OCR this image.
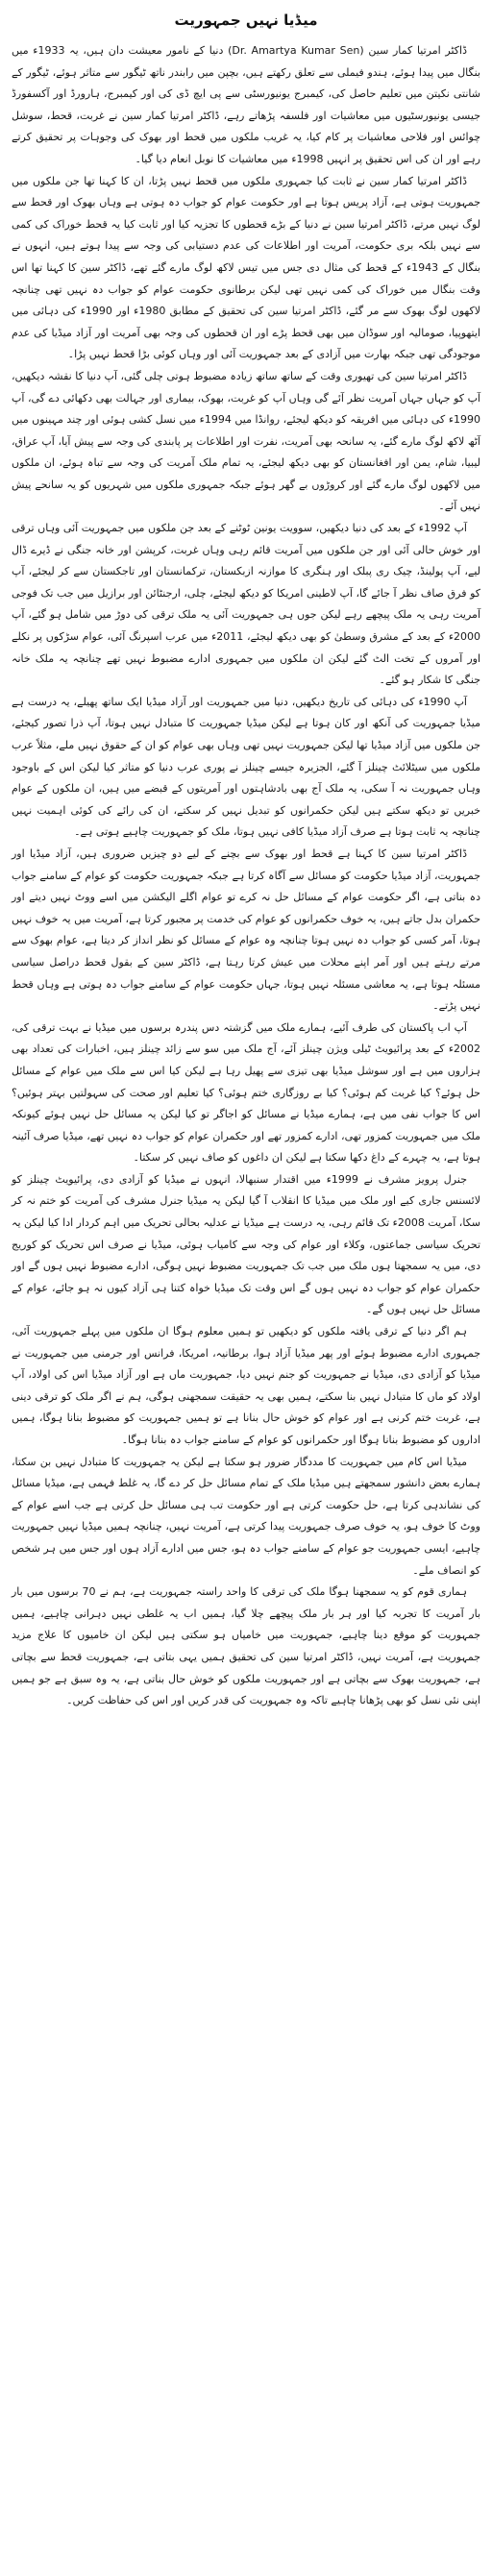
میڈیا نہیں جمہوریت
ڈاکٹر امرتیا کمار سین (Dr. Amartya Kumar Sen) دنیا کے نامور معیشت دان ہیں، یہ 1933ء میں بنگال میں پیدا ہوئے، ہندو فیملی سے تعلق رکھتے ہیں، بچپن میں رابندر ناتھ ٹیگور سے متاثر ہوئے، ٹیگور کے شانتی نکیتن میں تعلیم حاصل کی، کیمبرج یونیورسٹی سے پی ایچ ڈی کی اور کیمبرج، ہارورڈ اور آکسفورڈ جیسی یونیورسٹیوں میں معاشیات اور فلسفہ پڑھاتے رہے، ڈاکٹر امرتیا کمار سین نے غربت، قحط، سوشل چوائس اور فلاحی معاشیات پر کام کیا، یہ غریب ملکوں میں قحط اور بھوک کی وجوہات پر تحقیق کرتے رہے اور ان کی اس تحقیق پر انہیں 1998ء میں معاشیات کا نوبل انعام دیا گیا۔
ڈاکٹر امرتیا کمار سین نے ثابت کیا جمہوری ملکوں میں قحط نہیں پڑتا، ان کا کہنا تھا جن ملکوں میں جمہوریت ہوتی ہے، آزاد پریس ہوتا ہے اور حکومت عوام کو جواب دہ ہوتی ہے وہاں بھوک اور قحط سے لوگ نہیں مرتے، ڈاکٹر امرتیا سین نے دنیا کے بڑے قحطوں کا تجزیہ کیا اور ثابت کیا یہ قحط خوراک کی کمی سے نہیں بلکہ بری حکومت، آمریت اور اطلاعات کی عدم دستیابی کی وجہ سے پیدا ہوتے ہیں، انہوں نے بنگال کے 1943ء کے قحط کی مثال دی جس میں تیس لاکھ لوگ مارے گئے تھے، ڈاکٹر سین کا کہنا تھا اس وقت بنگال میں خوراک کی کمی نہیں تھی لیکن برطانوی حکومت عوام کو جواب دہ نہیں تھی چنانچہ لاکھوں لوگ بھوک سے مر گئے، ڈاکٹر امرتیا سین کی تحقیق کے مطابق 1980ء اور 1990ء کی دہائی میں ایتھوپیا، صومالیہ اور سوڈان میں بھی قحط پڑے اور ان قحطوں کی وجہ بھی آمریت اور آزاد میڈیا کی عدم موجودگی تھی جبکہ بھارت میں آزادی کے بعد جمہوریت آئی اور وہاں کوئی بڑا قحط نہیں پڑا۔
ڈاکٹر امرتیا سین کی تھیوری وقت کے ساتھ ساتھ زیادہ مضبوط ہوتی چلی گئی، آپ دنیا کا نقشہ دیکھیں، آپ کو جہاں جہاں آمریت نظر آئے گی وہاں آپ کو غربت، بھوک، بیماری اور جہالت بھی دکھائی دے گی، آپ 1990ء کی دہائی میں افریقہ کو دیکھ لیجئے، روانڈا میں 1994ء میں نسل کشی ہوئی اور چند مہینوں میں آٹھ لاکھ لوگ مارے گئے، یہ سانحہ بھی آمریت، نفرت اور اطلاعات پر پابندی کی وجہ سے پیش آیا، آپ عراق، لیبیا، شام، یمن اور افغانستان کو بھی دیکھ لیجئے، یہ تمام ملک آمریت کی وجہ سے تباہ ہوئے، ان ملکوں میں لاکھوں لوگ مارے گئے اور کروڑوں بے گھر ہوئے جبکہ جمہوری ملکوں میں شہریوں کو یہ سانحے پیش نہیں آئے۔
آپ 1992ء کے بعد کی دنیا دیکھیں، سوویت یونین ٹوٹنے کے بعد جن ملکوں میں جمہوریت آئی وہاں ترقی اور خوش حالی آئی اور جن ملکوں میں آمریت قائم رہی وہاں غربت، کرپشن اور خانہ جنگی نے ڈیرے ڈال لیے، آپ پولینڈ، چیک ری پبلک اور ہنگری کا موازنہ ازبکستان، ترکمانستان اور تاجکستان سے کر لیجئے، آپ کو فرق صاف نظر آ جائے گا، آپ لاطینی امریکا کو دیکھ لیجئے، چلی، ارجنٹائن اور برازیل میں جب تک فوجی آمریت رہی یہ ملک پیچھے رہے لیکن جوں ہی جمہوریت آئی یہ ملک ترقی کی دوڑ میں شامل ہو گئے، آپ 2000ء کے بعد کے مشرق وسطیٰ کو بھی دیکھ لیجئے، 2011ء میں عرب اسپرنگ آئی، عوام سڑکوں پر نکلے اور آمروں کے تخت الٹ گئے لیکن ان ملکوں میں جمہوری ادارے مضبوط نہیں تھے چنانچہ یہ ملک خانہ جنگی کا شکار ہو گئے۔
آپ 1990ء کی دہائی کی تاریخ دیکھیں، دنیا میں جمہوریت اور آزاد میڈیا ایک ساتھ پھیلے، یہ درست ہے میڈیا جمہوریت کی آنکھ اور کان ہوتا ہے لیکن میڈیا جمہوریت کا متبادل نہیں ہوتا، آپ ذرا تصور کیجئے، جن ملکوں میں آزاد میڈیا تھا لیکن جمہوریت نہیں تھی وہاں بھی عوام کو ان کے حقوق نہیں ملے، مثلاً عرب ملکوں میں سیٹلائٹ چینلز آ گئے، الجزیرہ جیسے چینلز نے پوری عرب دنیا کو متاثر کیا لیکن اس کے باوجود وہاں جمہوریت نہ آ سکی، یہ ملک آج بھی بادشاہتوں اور آمریتوں کے قبضے میں ہیں، ان ملکوں کے عوام خبریں تو دیکھ سکتے ہیں لیکن حکمرانوں کو تبدیل نہیں کر سکتے، ان کی رائے کی کوئی اہمیت نہیں چنانچہ یہ ثابت ہوتا ہے صرف آزاد میڈیا کافی نہیں ہوتا، ملک کو جمہوریت چاہیے ہوتی ہے۔
ڈاکٹر امرتیا سین کا کہنا ہے قحط اور بھوک سے بچنے کے لیے دو چیزیں ضروری ہیں، آزاد میڈیا اور جمہوریت، آزاد میڈیا حکومت کو مسائل سے آگاہ کرتا ہے جبکہ جمہوریت حکومت کو عوام کے سامنے جواب دہ بناتی ہے، اگر حکومت عوام کے مسائل حل نہ کرے تو عوام اگلے الیکشن میں اسے ووٹ نہیں دیتے اور حکمران بدل جاتے ہیں، یہ خوف حکمرانوں کو عوام کی خدمت پر مجبور کرتا ہے، آمریت میں یہ خوف نہیں ہوتا، آمر کسی کو جواب دہ نہیں ہوتا چنانچہ وہ عوام کے مسائل کو نظر انداز کر دیتا ہے، عوام بھوک سے مرتے رہتے ہیں اور آمر اپنے محلات میں عیش کرتا رہتا ہے، ڈاکٹر سین کے بقول قحط دراصل سیاسی مسئلہ ہوتا ہے، یہ معاشی مسئلہ نہیں ہوتا، جہاں حکومت عوام کے سامنے جواب دہ ہوتی ہے وہاں قحط نہیں پڑتے۔
آپ اب پاکستان کی طرف آئیے، ہمارے ملک میں گزشتہ دس پندرہ برسوں میں میڈیا نے بہت ترقی کی، 2002ء کے بعد پرائیویٹ ٹیلی ویژن چینلز آئے، آج ملک میں سو سے زائد چینلز ہیں، اخبارات کی تعداد بھی ہزاروں میں ہے اور سوشل میڈیا بھی تیزی سے پھیل رہا ہے لیکن کیا اس سے ملک میں عوام کے مسائل حل ہوئے؟ کیا غربت کم ہوئی؟ کیا بے روزگاری ختم ہوئی؟ کیا تعلیم اور صحت کی سہولتیں بہتر ہوئیں؟ اس کا جواب نفی میں ہے، ہمارے میڈیا نے مسائل کو اجاگر تو کیا لیکن یہ مسائل حل نہیں ہوئے کیونکہ ملک میں جمہوریت کمزور تھی، ادارے کمزور تھے اور حکمران عوام کو جواب دہ نہیں تھے، میڈیا صرف آئینہ ہوتا ہے، یہ چہرے کے داغ دکھا سکتا ہے لیکن ان داغوں کو صاف نہیں کر سکتا۔
جنرل پرویز مشرف نے 1999ء میں اقتدار سنبھالا، انہوں نے میڈیا کو آزادی دی، پرائیویٹ چینلز کو لائسنس جاری کیے اور ملک میں میڈیا کا انقلاب آ گیا لیکن یہ میڈیا جنرل مشرف کی آمریت کو ختم نہ کر سکا، آمریت 2008ء تک قائم رہی، یہ درست ہے میڈیا نے عدلیہ بحالی تحریک میں اہم کردار ادا کیا لیکن یہ تحریک سیاسی جماعتوں، وکلاء اور عوام کی وجہ سے کامیاب ہوئی، میڈیا نے صرف اس تحریک کو کوریج دی، میں یہ سمجھتا ہوں ملک میں جب تک جمہوریت مضبوط نہیں ہوگی، ادارے مضبوط نہیں ہوں گے اور حکمران عوام کو جواب دہ نہیں ہوں گے اس وقت تک میڈیا خواہ کتنا ہی آزاد کیوں نہ ہو جائے، عوام کے مسائل حل نہیں ہوں گے۔
ہم اگر دنیا کے ترقی یافتہ ملکوں کو دیکھیں تو ہمیں معلوم ہوگا ان ملکوں میں پہلے جمہوریت آئی، جمہوری ادارے مضبوط ہوئے اور پھر میڈیا آزاد ہوا، برطانیہ، امریکا، فرانس اور جرمنی میں جمہوریت نے میڈیا کو آزادی دی، میڈیا نے جمہوریت کو جنم نہیں دیا، جمہوریت ماں ہے اور آزاد میڈیا اس کی اولاد، آپ اولاد کو ماں کا متبادل نہیں بنا سکتے، ہمیں بھی یہ حقیقت سمجھنی ہوگی، ہم نے اگر ملک کو ترقی دینی ہے، غربت ختم کرنی ہے اور عوام کو خوش حال بنانا ہے تو ہمیں جمہوریت کو مضبوط بنانا ہوگا، ہمیں اداروں کو مضبوط بنانا ہوگا اور حکمرانوں کو عوام کے سامنے جواب دہ بنانا ہوگا۔
میڈیا اس کام میں جمہوریت کا مددگار ضرور ہو سکتا ہے لیکن یہ جمہوریت کا متبادل نہیں بن سکتا، ہمارے بعض دانشور سمجھتے ہیں میڈیا ملک کے تمام مسائل حل کر دے گا، یہ غلط فہمی ہے، میڈیا مسائل کی نشاندہی کرتا ہے، حل حکومت کرتی ہے اور حکومت تب ہی مسائل حل کرتی ہے جب اسے عوام کے ووٹ کا خوف ہو، یہ خوف صرف جمہوریت پیدا کرتی ہے، آمریت نہیں، چنانچہ ہمیں میڈیا نہیں جمہوریت چاہیے، ایسی جمہوریت جو عوام کے سامنے جواب دہ ہو، جس میں ادارے آزاد ہوں اور جس میں ہر شخص کو انصاف ملے۔
ہماری قوم کو یہ سمجھنا ہوگا ملک کی ترقی کا واحد راستہ جمہوریت ہے، ہم نے 70 برسوں میں بار بار آمریت کا تجربہ کیا اور ہر بار ملک پیچھے چلا گیا، ہمیں اب یہ غلطی نہیں دہرانی چاہیے، ہمیں جمہوریت کو موقع دینا چاہیے، جمہوریت میں خامیاں ہو سکتی ہیں لیکن ان خامیوں کا علاج مزید جمہوریت ہے، آمریت نہیں، ڈاکٹر امرتیا سین کی تحقیق ہمیں یہی بتاتی ہے، جمہوریت قحط سے بچاتی ہے، جمہوریت بھوک سے بچاتی ہے اور جمہوریت ملکوں کو خوش حال بناتی ہے، یہ وہ سبق ہے جو ہمیں اپنی نئی نسل کو بھی پڑھانا چاہیے تاکہ وہ جمہوریت کی قدر کریں اور اس کی حفاظت کریں۔
